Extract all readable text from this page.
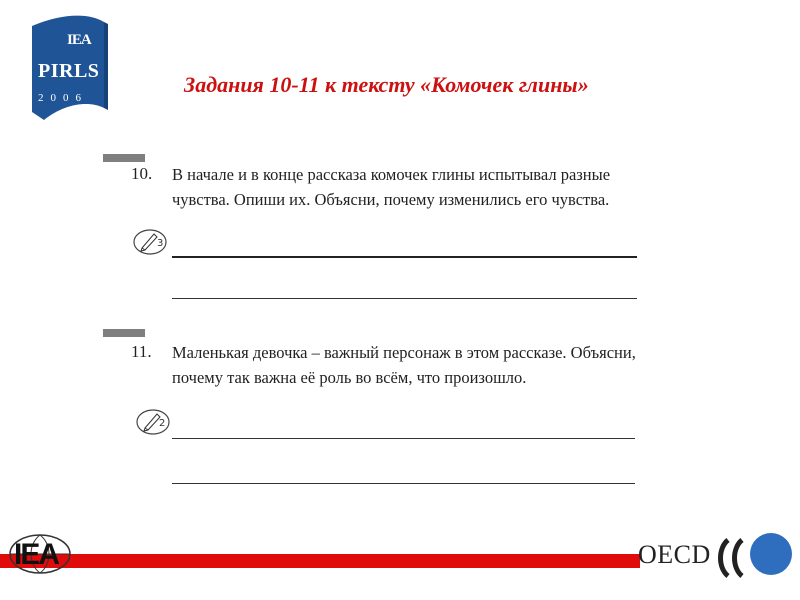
IEA
PIRLS
2006
Задания 10-11 к тексту «Комочек глины»
10. В начале и в конце рассказа комочек глины испытывал разные чувства. Опиши их. Объясни, почему изменились его чувства.
3
11. Маленькая девочка – важный персонаж в этом рассказе. Объясни, почему так важна её роль во всём, что произошло.
2
IEA	OECD
